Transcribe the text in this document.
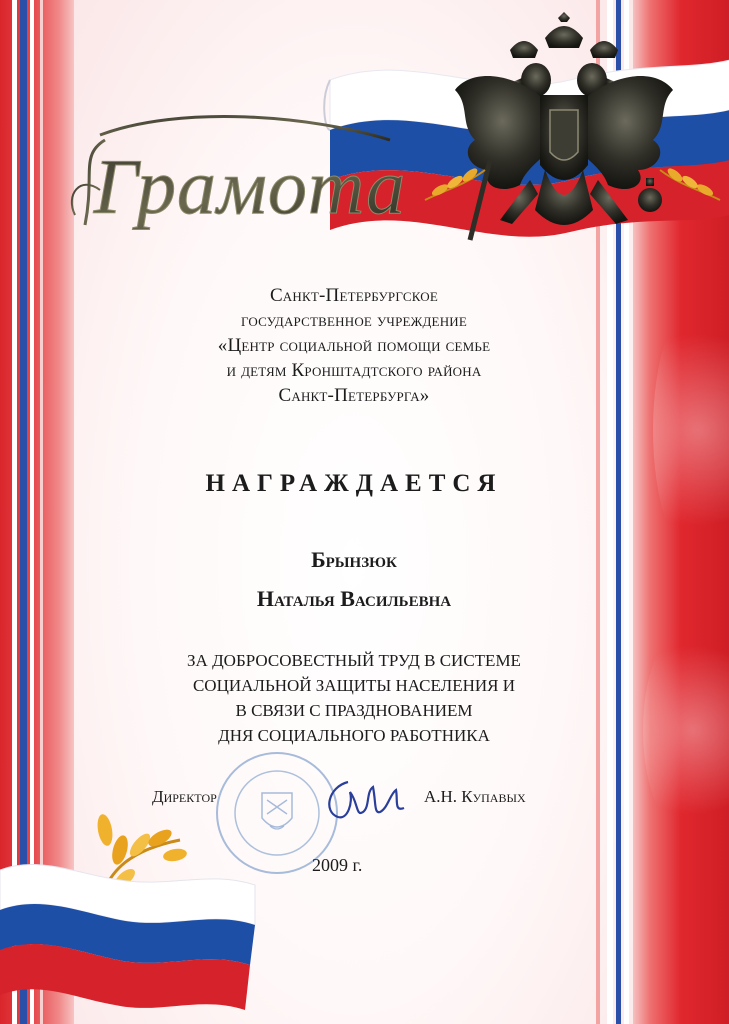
Грамота
Санкт-Петербургское
государственное учреждение
«Центр социальной помощи семье
и детям Кронштадтского района
Санкт-Петербурга»
НАГРАЖДАЕТСЯ
Брынзюк
Наталья Васильевна
ЗА ДОБРОСОВЕСТНЫЙ ТРУД В СИСТЕМЕ
СОЦИАЛЬНОЙ ЗАЩИТЫ НАСЕЛЕНИЯ И
В СВЯЗИ С ПРАЗДНОВАНИЕМ
ДНЯ СОЦИАЛЬНОГО РАБОТНИКА
Директор	А.Н. Купавых
2009 г.
